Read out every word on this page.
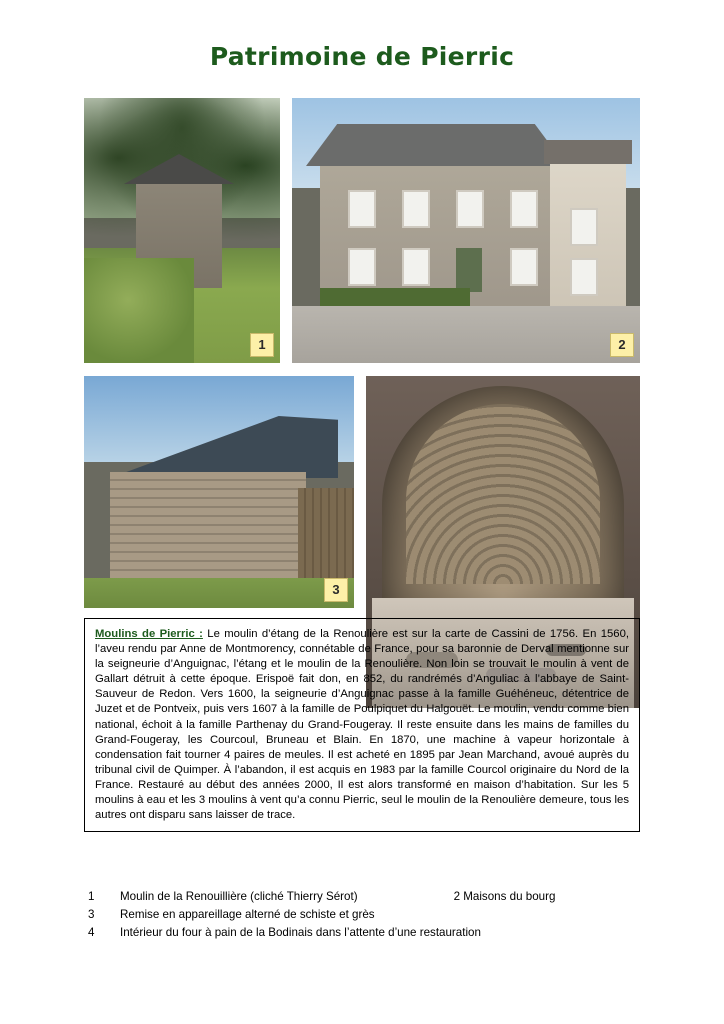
Patrimoine de Pierric
1	2
3

Moulins de Pierric : Le moulin d’étang de la Renoulière est sur la carte de Cassini de 1756. En 1560, l’aveu rendu par Anne de Montmorency, connétable de France, pour sa baronnie de Derval mentionne sur la seigneurie d’Anguignac, l’étang et le moulin de la Renoulière. Non loin se trouvait le moulin à vent de Gallart détruit à cette époque. Erispoë fait don, en 852, du randrémés d’Anguliac à l’abbaye de Saint-Sauveur de Redon. Vers 1600, la seigneurie d’Anguignac passe à la famille Guéhéneuc, détentrice de Juzet et de Pontveix, puis vers 1607 à la famille de Poulpiquet du Halgouët. Le moulin, vendu comme bien national, échoit à la famille Parthenay du Grand-Fougeray. Il reste ensuite dans les mains de familles du Grand-Fougeray, les Courcoul, Bruneau et Blain. En 1870, une machine à vapeur horizontale à condensation fait tourner 4 paires de meules. Il est acheté en 1895 par Jean Marchand, avoué auprès du tribunal civil de Quimper. À l’abandon, il est acquis en 1983 par la famille Courcol originaire du Nord de la France. Restauré au début des années 2000, Il est alors transformé en maison d’habitation. Sur les 5 moulins à eau et les 3 moulins à vent qu’a connu Pierric, seul le moulin de la Renoulière demeure, tous les autres ont disparu sans laisser de trace.

1	Moulin de la Renouillière (cliché Thierry Sérot)	2 Maisons du bourg
3	Remise en appareillage alterné de schiste et grès
4	Intérieur du four à pain de la Bodinais dans l’attente d’une restauration
